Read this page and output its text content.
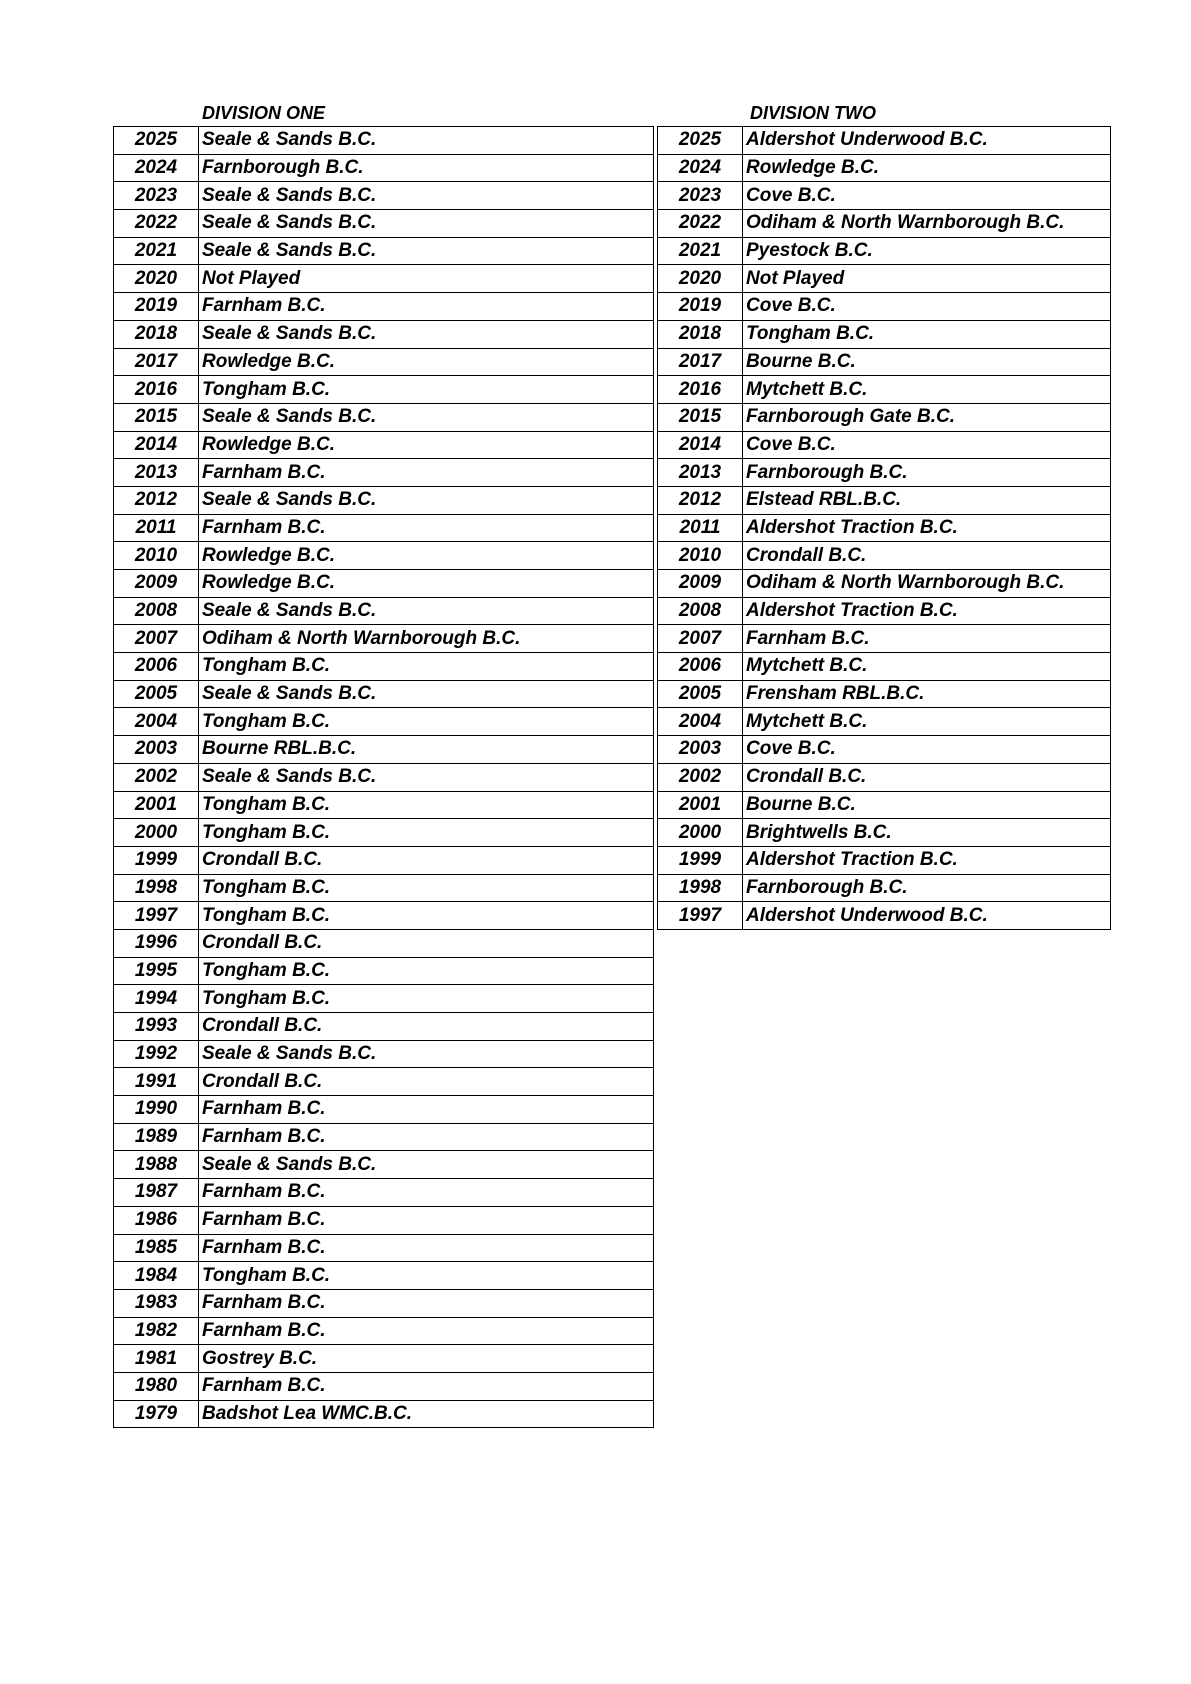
DIVISION ONE
2025	Seale & Sands B.C.
2024	Farnborough B.C.
2023	Seale & Sands B.C.
2022	Seale & Sands B.C.
2021	Seale & Sands B.C.
2020	Not Played
2019	Farnham B.C.
2018	Seale & Sands B.C.
2017	Rowledge B.C.
2016	Tongham B.C.
2015	Seale & Sands B.C.
2014	Rowledge B.C.
2013	Farnham B.C.
2012	Seale & Sands B.C.
2011	Farnham B.C.
2010	Rowledge B.C.
2009	Rowledge B.C.
2008	Seale & Sands B.C.
2007	Odiham & North Warnborough B.C.
2006	Tongham B.C.
2005	Seale & Sands B.C.
2004	Tongham B.C.
2003	Bourne RBL.B.C.
2002	Seale & Sands B.C.
2001	Tongham B.C.
2000	Tongham B.C.
1999	Crondall B.C.
1998	Tongham B.C.
1997	Tongham B.C.
1996	Crondall B.C.
1995	Tongham B.C.
1994	Tongham B.C.
1993	Crondall B.C.
1992	Seale & Sands B.C.
1991	Crondall B.C.
1990	Farnham B.C.
1989	Farnham B.C.
1988	Seale & Sands B.C.
1987	Farnham B.C.
1986	Farnham B.C.
1985	Farnham B.C.
1984	Tongham B.C.
1983	Farnham B.C.
1982	Farnham B.C.
1981	Gostrey B.C.
1980	Farnham B.C.
1979	Badshot Lea WMC.B.C.
DIVISION TWO
2025	Aldershot Underwood B.C.
2024	Rowledge B.C.
2023	Cove B.C.
2022	Odiham & North Warnborough B.C.
2021	Pyestock B.C.
2020	Not Played
2019	Cove B.C.
2018	Tongham B.C.
2017	Bourne B.C.
2016	Mytchett B.C.
2015	Farnborough Gate B.C.
2014	Cove B.C.
2013	Farnborough B.C.
2012	Elstead RBL.B.C.
2011	Aldershot Traction B.C.
2010	Crondall B.C.
2009	Odiham & North Warnborough B.C.
2008	Aldershot Traction B.C.
2007	Farnham B.C.
2006	Mytchett B.C.
2005	Frensham RBL.B.C.
2004	Mytchett B.C.
2003	Cove B.C.
2002	Crondall B.C.
2001	Bourne B.C.
2000	Brightwells B.C.
1999	Aldershot Traction B.C.
1998	Farnborough B.C.
1997	Aldershot Underwood B.C.
